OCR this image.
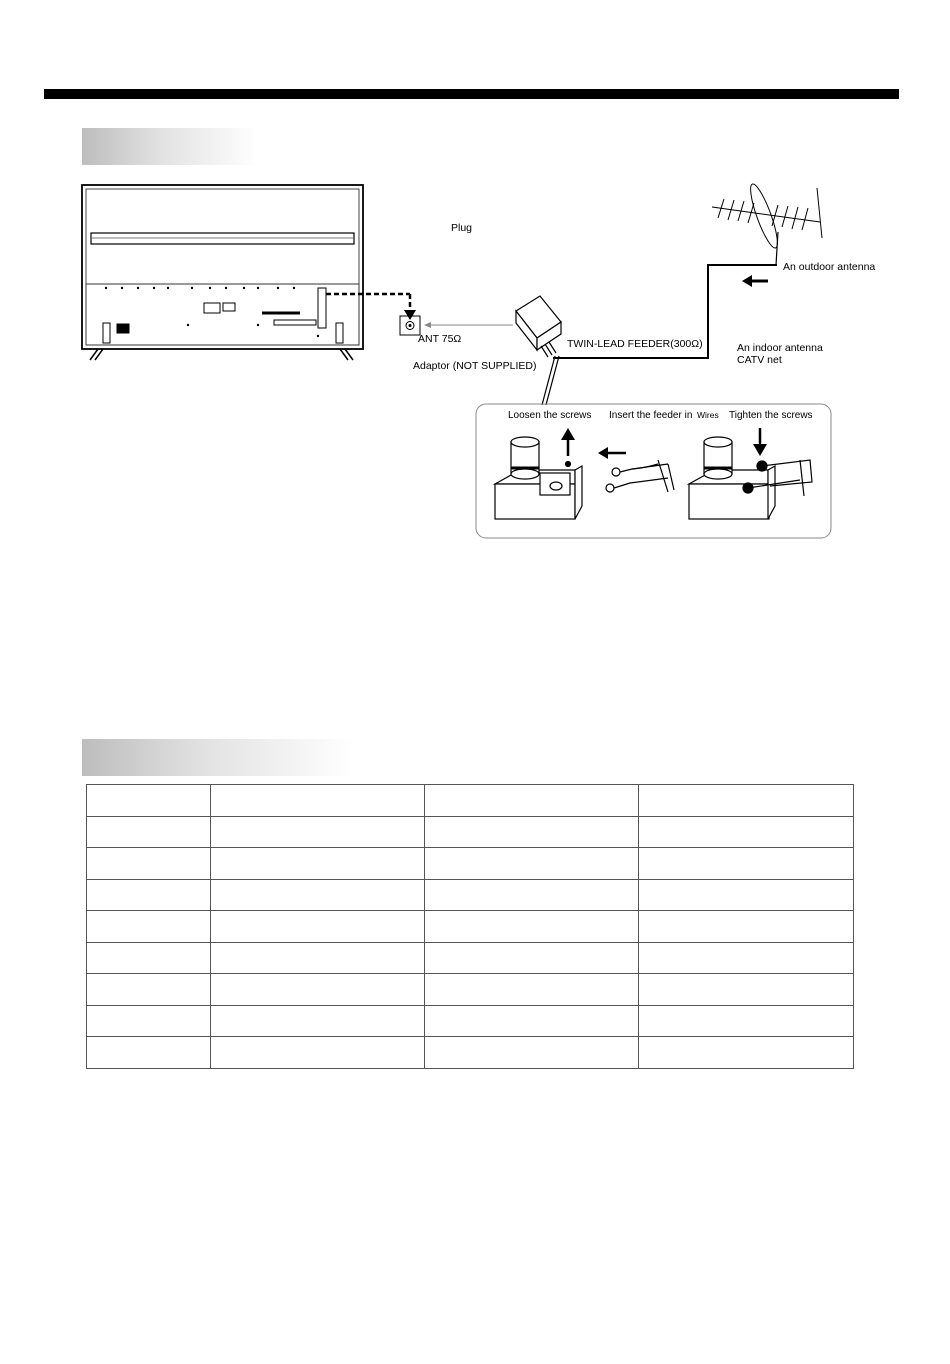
ANT 75Ω
Plug
An outdoor antenna
TWIN-LEAD FEEDER(300Ω)	An indoor antenna
CATV net
Adaptor (NOT SUPPLIED)
Loosen the screws Insert the feeder in Wires Tighten the screws
